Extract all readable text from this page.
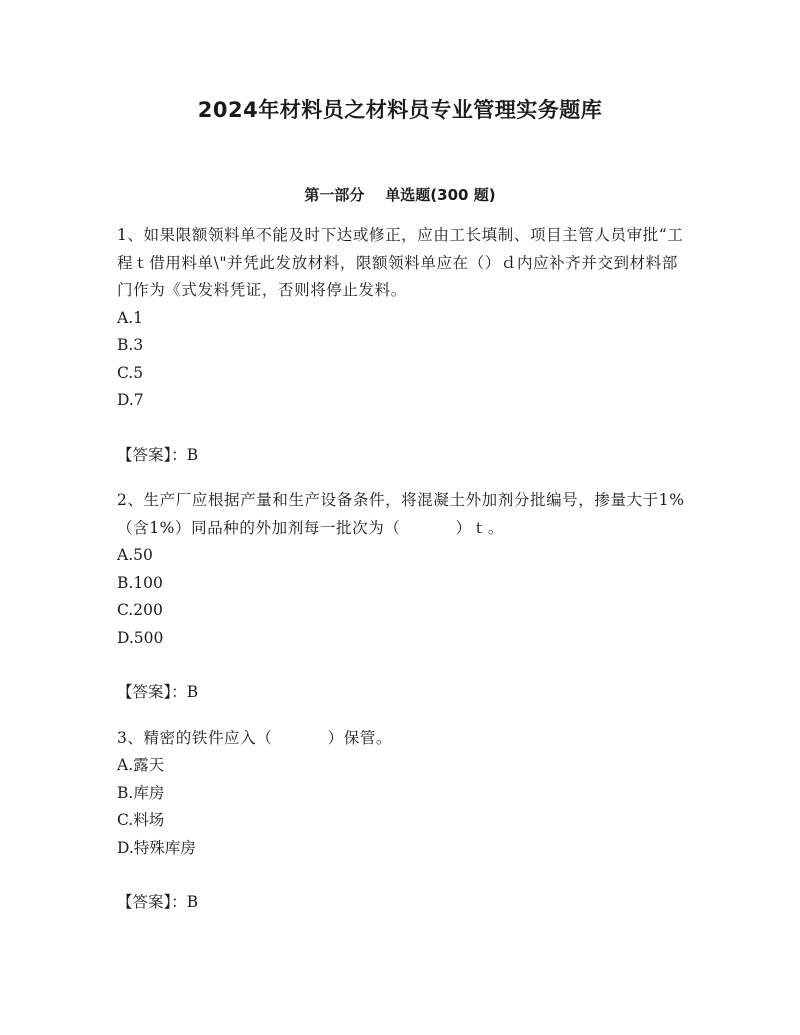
2024年材料员之材料员专业管理实务题库
第一部分    单选题(300 题)

1、如果限额领料单不能及时下达或修正，应由工长填制、项目主管人员审批“工程ｔ借用料单\"并凭此发放材料，限额领料单应在（）ｄ内应补齐并交到材料部门作为《式发料凭证，否则将停止发料。

A.1

B.3

C.5

D.7

【答案】：B

2、生产厂应根据产量和生产设备条件，将混凝土外加剂分批编号，掺量大于1%（含1%）同品种的外加剂每一批次为（          ）ｔ。

A.50

B.100

C.200

D.500

【答案】：B

3、精密的铁件应入（          ）保管。

A.露天

B.库房

C.料场

D.特殊库房

【答案】：B
